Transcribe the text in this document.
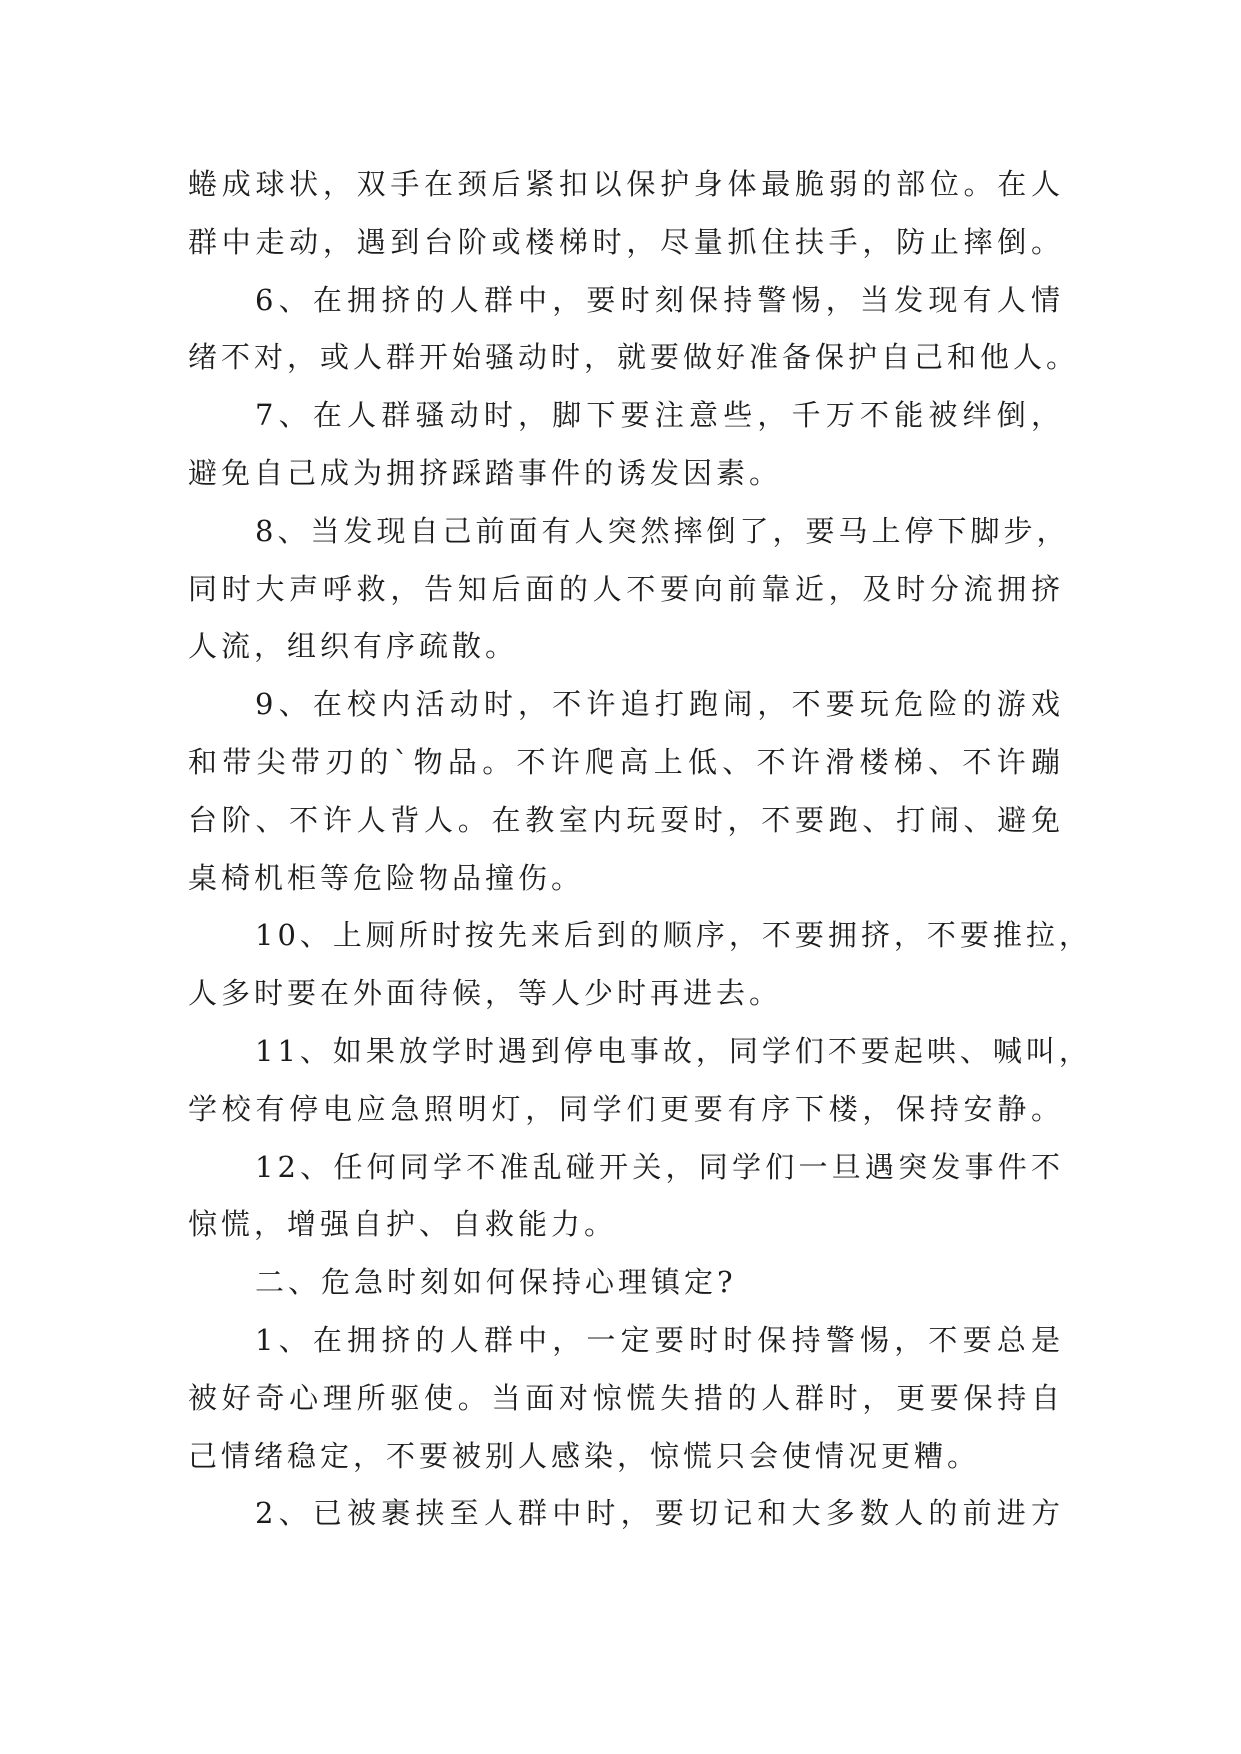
蜷成球状，双手在颈后紧扣以保护身体最脆弱的部位。在人
群中走动，遇到台阶或楼梯时，尽量抓住扶手，防止摔倒。
6、在拥挤的人群中，要时刻保持警惕，当发现有人情
绪不对，或人群开始骚动时，就要做好准备保护自己和他人。
7、在人群骚动时，脚下要注意些，千万不能被绊倒，
避免自己成为拥挤踩踏事件的诱发因素。
8、当发现自己前面有人突然摔倒了，要马上停下脚步，
同时大声呼救，告知后面的人不要向前靠近，及时分流拥挤
人流，组织有序疏散。
9、在校内活动时，不许追打跑闹，不要玩危险的游戏
和带尖带刃的`物品。不许爬高上低、不许滑楼梯、不许蹦
台阶、不许人背人。在教室内玩耍时，不要跑、打闹、避免
桌椅机柜等危险物品撞伤。
10、上厕所时按先来后到的顺序，不要拥挤，不要推拉，
人多时要在外面待候，等人少时再进去。
11、如果放学时遇到停电事故，同学们不要起哄、喊叫，
学校有停电应急照明灯，同学们更要有序下楼，保持安静。
12、任何同学不准乱碰开关，同学们一旦遇突发事件不
惊慌，增强自护、自救能力。
二、危急时刻如何保持心理镇定?
1、在拥挤的人群中，一定要时时保持警惕，不要总是
被好奇心理所驱使。当面对惊慌失措的人群时，更要保持自
己情绪稳定，不要被别人感染，惊慌只会使情况更糟。
2、已被裹挟至人群中时，要切记和大多数人的前进方
